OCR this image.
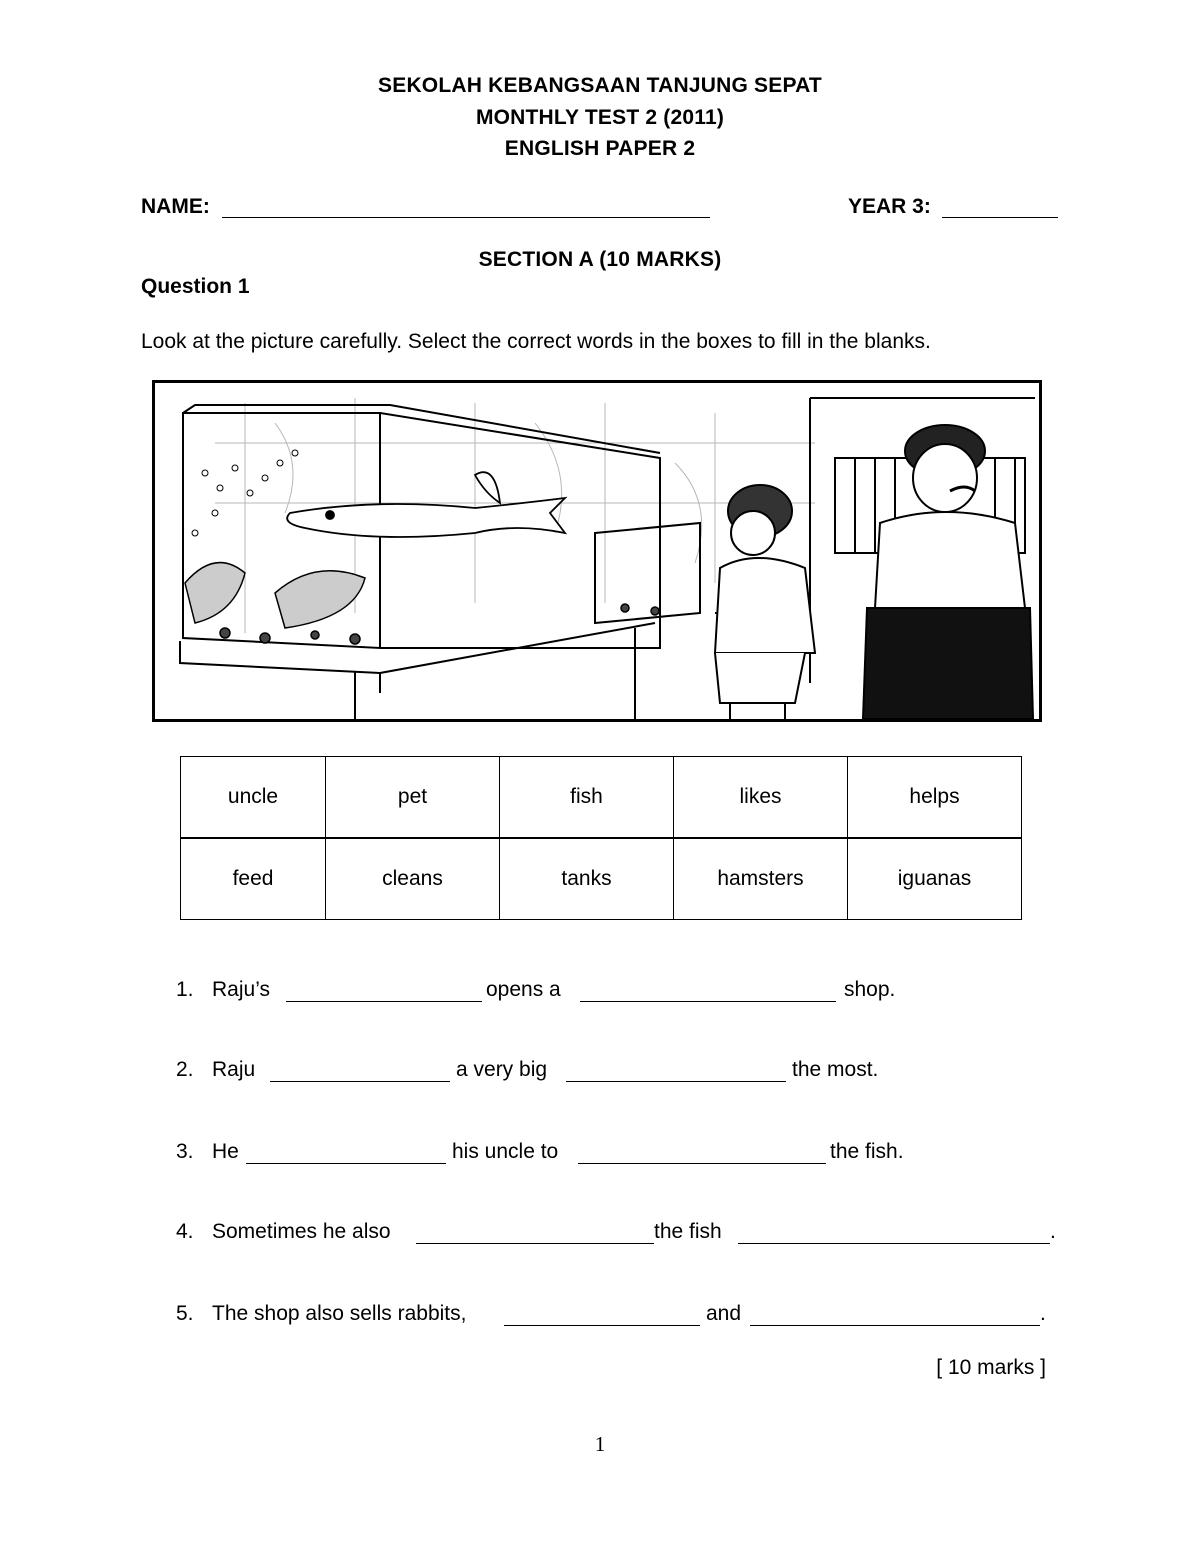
SEKOLAH KEBANGSAAN TANJUNG SEPAT
MONTHLY TEST 2 (2011)
ENGLISH PAPER 2
NAME:	YEAR 3:
SECTION A (10 MARKS)
Question 1
Look at the picture carefully. Select the correct words in the boxes to fill in the blanks.
uncle	pet	fish	likes	helps
feed	cleans	tanks	hamsters	iguanas
1. Raju’s	opens a	shop.
2. Raju	a very big	the most.
3. He	his uncle to	the fish.
4. Sometimes he also	the fish	.
5. The shop also sells rabbits,	and	.
[ 10 marks ]
1
